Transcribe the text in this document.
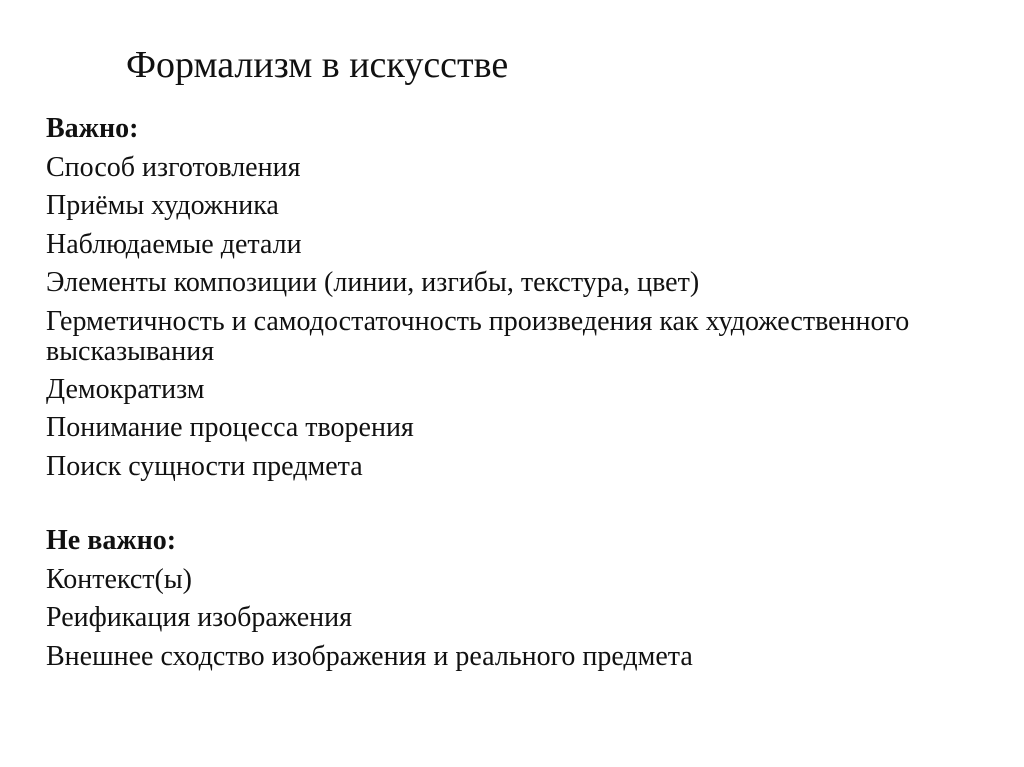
Формализм в искусстве
Важно:
Способ изготовления
Приёмы художника
Наблюдаемые детали
Элементы композиции (линии, изгибы, текстура, цвет)
Герметичность и самодостаточность произведения как художественного высказывания
Демократизм
Понимание процесса творения
Поиск сущности предмета
Не важно:
Контекст(ы)
Реификация изображения
Внешнее сходство изображения и реального предмета
